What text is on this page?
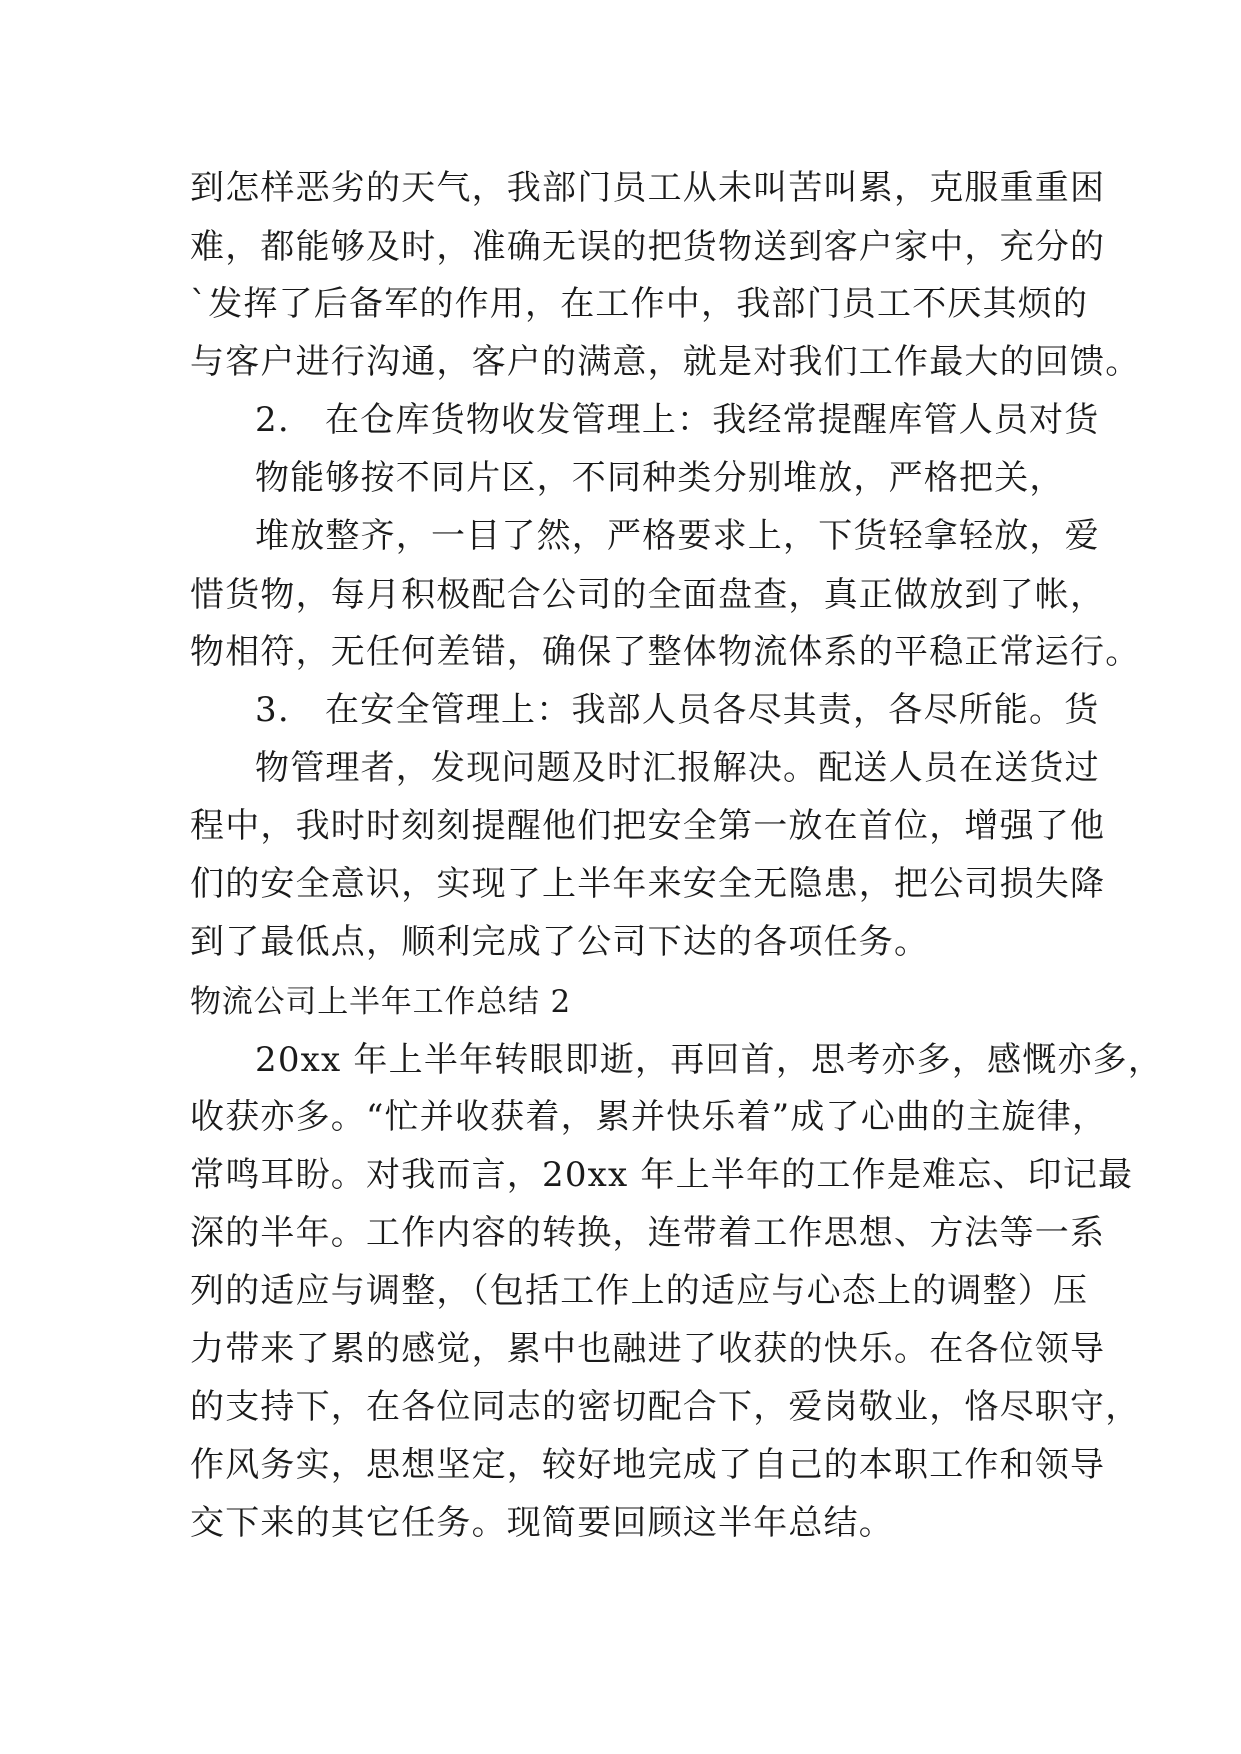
到怎样恶劣的天气，我部门员工从未叫苦叫累，克服重重困
难，都能够及时，准确无误的把货物送到客户家中，充分的
`发挥了后备军的作用，在工作中，我部门员工不厌其烦的
与客户进行沟通，客户的满意，就是对我们工作最大的回馈。
2.　在仓库货物收发管理上：我经常提醒库管人员对货
物能够按不同片区，不同种类分别堆放，严格把关，
堆放整齐，一目了然，严格要求上，下货轻拿轻放，爱
惜货物，每月积极配合公司的全面盘查，真正做放到了帐，
物相符，无任何差错，确保了整体物流体系的平稳正常运行。
3.　在安全管理上：我部人员各尽其责，各尽所能。货
物管理者，发现问题及时汇报解决。配送人员在送货过
程中，我时时刻刻提醒他们把安全第一放在首位，增强了他
们的安全意识，实现了上半年来安全无隐患，把公司损失降
到了最低点，顺利完成了公司下达的各项任务。
物流公司上半年工作总结 2
20xx 年上半年转眼即逝，再回首，思考亦多，感慨亦多，
收获亦多。“忙并收获着，累并快乐着”成了心曲的主旋律，
常鸣耳盼。对我而言，20xx 年上半年的工作是难忘、印记最
深的半年。工作内容的转换，连带着工作思想、方法等一系
列的适应与调整，（包括工作上的适应与心态上的调整）压
力带来了累的感觉，累中也融进了收获的快乐。在各位领导
的支持下，在各位同志的密切配合下，爱岗敬业，恪尽职守，
作风务实，思想坚定，较好地完成了自己的本职工作和领导
交下来的其它任务。现简要回顾这半年总结。
